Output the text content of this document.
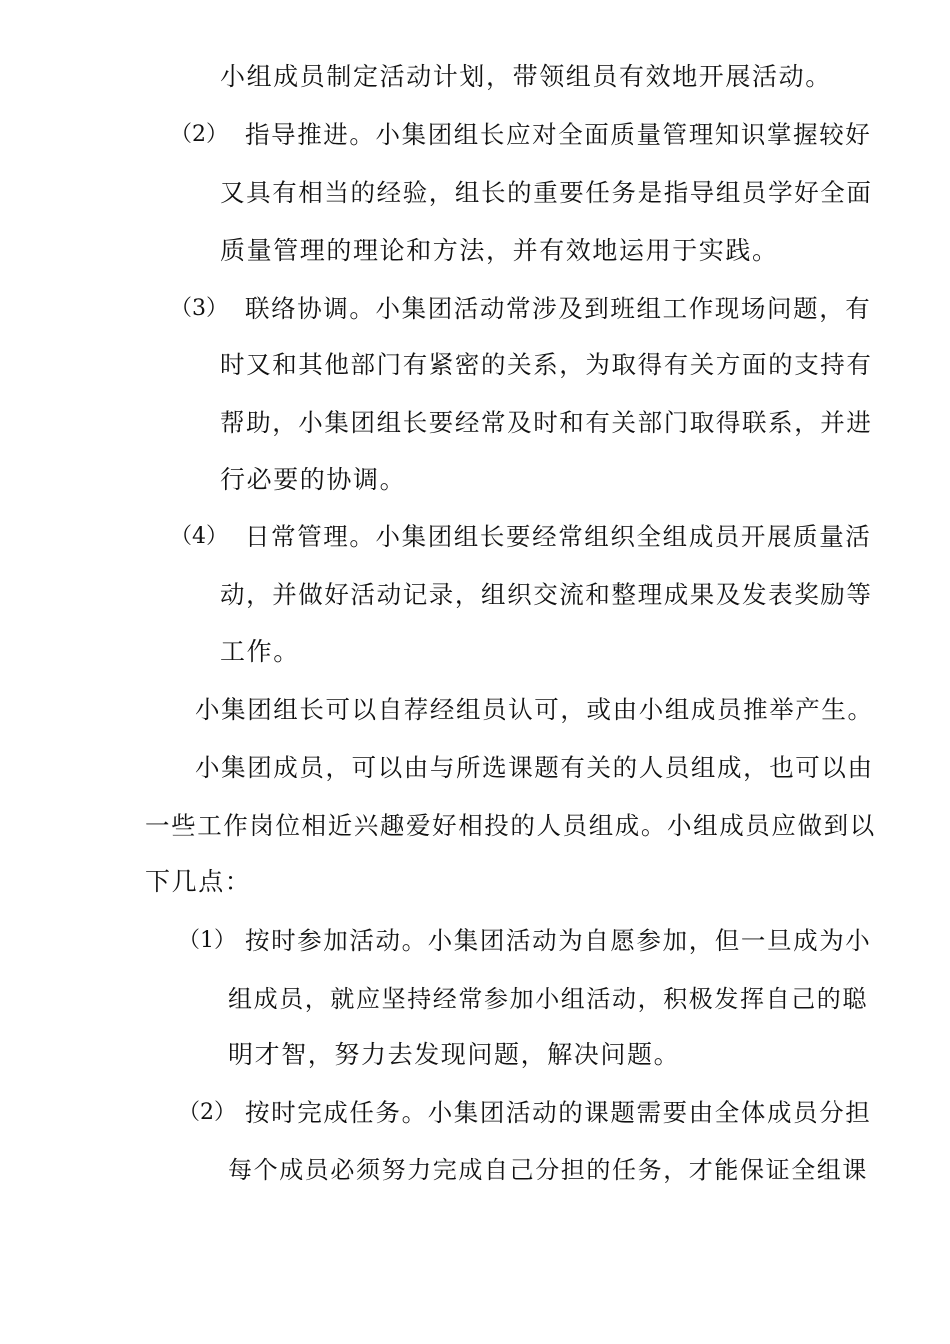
小组成员制定活动计划，带领组员有效地开展活动。
（2） 指导推进。小集团组长应对全面质量管理知识掌握较好
又具有相当的经验，组长的重要任务是指导组员学好全面
质量管理的理论和方法，并有效地运用于实践。
（3） 联络协调。小集团活动常涉及到班组工作现场问题，有
时又和其他部门有紧密的关系，为取得有关方面的支持有
帮助，小集团组长要经常及时和有关部门取得联系，并进
行必要的协调。
（4） 日常管理。小集团组长要经常组织全组成员开展质量活
动，并做好活动记录，组织交流和整理成果及发表奖励等
工作。
小集团组长可以自荐经组员认可，或由小组成员推举产生。
小集团成员，可以由与所选课题有关的人员组成，也可以由
一些工作岗位相近兴趣爱好相投的人员组成。小组成员应做到以
下几点：
（1） 按时参加活动。小集团活动为自愿参加，但一旦成为小
组成员，就应坚持经常参加小组活动，积极发挥自己的聪
明才智，努力去发现问题，解决问题。
（2） 按时完成任务。小集团活动的课题需要由全体成员分担
每个成员必须努力完成自己分担的任务，才能保证全组课
